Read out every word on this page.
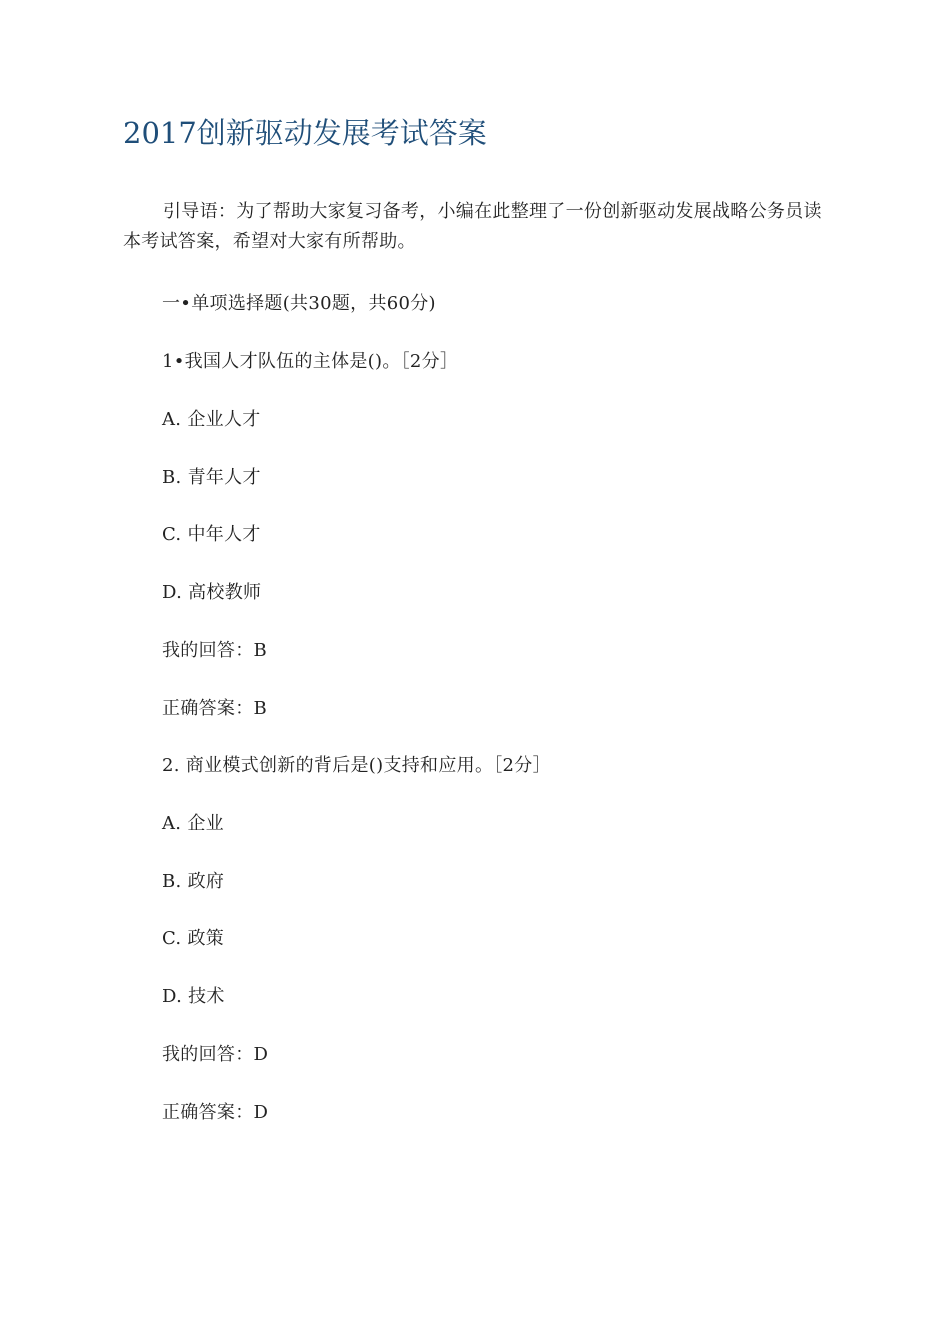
2017创新驱动发展考试答案

引导语：为了帮助大家复习备考，小编在此整理了一份创新驱动发展战略公务员读本考试答案，希望对大家有所帮助。

一•单项选择题(共30题，共60分)

1•我国人才队伍的主体是()。［2分］

A. 企业人才

B. 青年人才

C. 中年人才

D. 高校教师

我的回答：B

正确答案：B

2. 商业模式创新的背后是()支持和应用。［2分］

A. 企业

B. 政府

C. 政策

D. 技术

我的回答：D

正确答案：D
